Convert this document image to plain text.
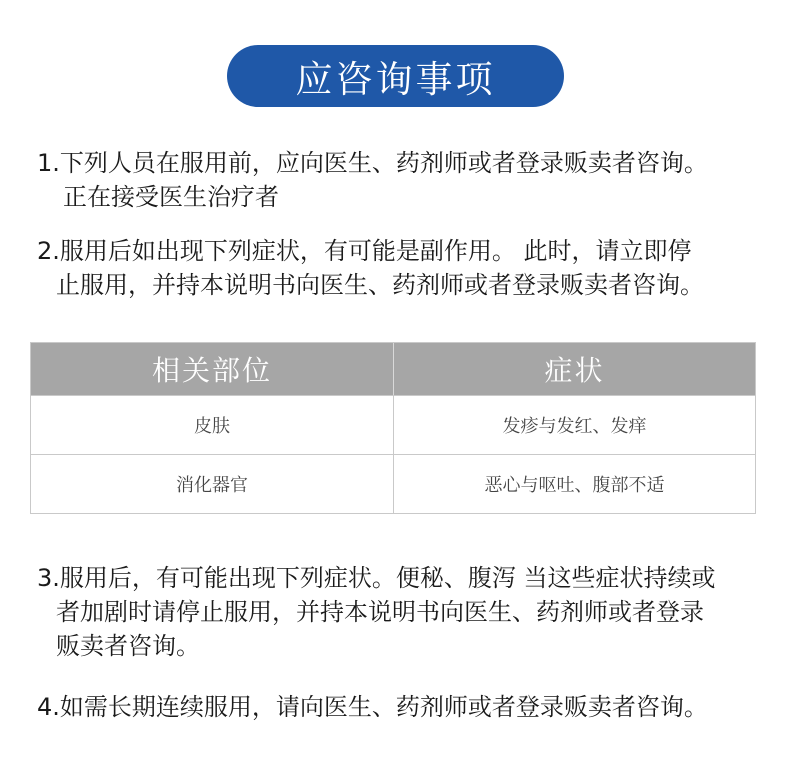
应咨询事项
1.下列人员在服用前，应向医生、药剂师或者登录贩卖者咨询。
正在接受医生治疗者
2.服用后如出现下列症状，有可能是副作用。 此时，请立即停
止服用，并持本说明书向医生、药剂师或者登录贩卖者咨询。
相关部位	症状
皮肤	发疹与发红、发痒
消化器官	恶心与呕吐、腹部不适
3.服用后，有可能出现下列症状。便秘、腹泻 当这些症状持续或
者加剧时请停止服用，并持本说明书向医生、药剂师或者登录
贩卖者咨询。
4.如需长期连续服用，请向医生、药剂师或者登录贩卖者咨询。
